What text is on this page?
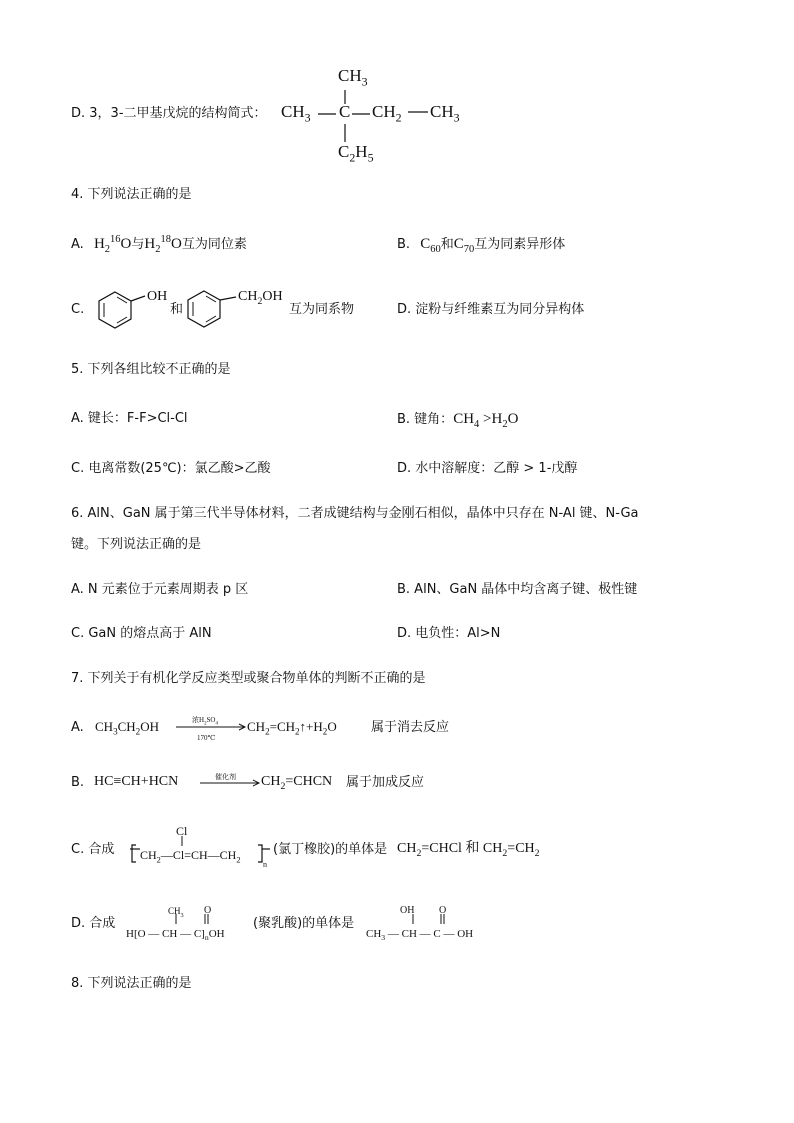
D. 3，3-二甲基戊烷的结构简式：
$CH_3$
$CH_3$ C $CH_2$ $CH_3$
$C_2H_5$
4. 下列说法正确的是
A. $H_2^{16}O$与$H_2^{18}O$互为同位素	B. $C_{60}$和$C_{70}$互为同素异形体
C.
OH
和
$CH_2OH$
互为同系物	D. 淀粉与纤维素互为同分异构体
5. 下列各组比较不正确的是
A. 键长：F-F>Cl-Cl	B. 键角：$CH_4 >H_2O$
C. 电离常数(25℃)：氯乙酸>乙酸	D. 水中溶解度：乙醇 > 1-戊醇
6. AlN、GaN 属于第三代半导体材料，二者成键结构与金刚石相似，晶体中只存在 N-Al 键、N-Ga
键。下列说法正确的是
A. N 元素位于元素周期表 p 区	B. AlN、GaN 晶体中均含离子键、极性键
C. GaN 的熔点高于 AlN	D. 电负性：Al>N
7. 下列关于有机化学反应类型或聚合物单体的判断不正确的是
A. $CH_3CH_2OH$	浓$H_2SO_4$
170℃
$CH_2=CH_2↑+H_2O$	属于消去反应
B. HC≡CH+HCN	催化剂 $CH_2=CHCN$ 属于加成反应
C. 合成
Cl
$CH_2—Cl=CH—CH_2$
n
(氯丁橡胶)的单体是 $CH_2=CHCl$ 和 $CH_2=CH_2$
D. 合成
$CH_3$ O
H[O — CH — $C]_nOH$
(聚乳酸)的单体是
OH O
$CH_3$ — CH — C — OH
8. 下列说法正确的是
